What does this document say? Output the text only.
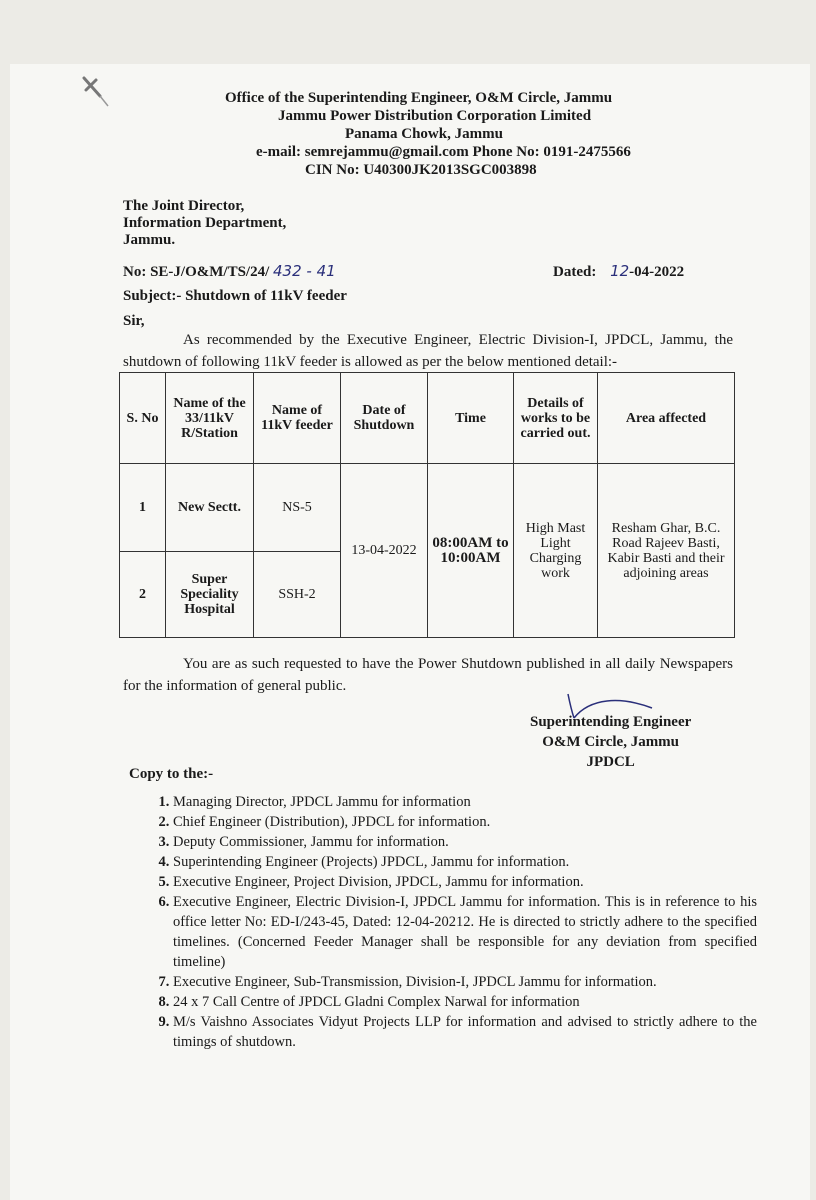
Office of the Superintending Engineer, O&M Circle, Jammu
Jammu Power Distribution Corporation Limited
Panama Chowk, Jammu
e-mail: semrejammu@gmail.com Phone No: 0191-2475566
CIN No: U40300JK2013SGC003898
The Joint Director,
Information Department,
Jammu.
No: SE-J/O&M/TS/24/ 432 - 41	Dated: 12-04-2022
Subject:- Shutdown of 11kV feeder
Sir,
As recommended by the Executive Engineer, Electric Division-I, JPDCL, Jammu, the shutdown of following 11kV feeder is allowed as per the below mentioned detail:-
S. No	Name of the 33/11kV R/Station	Name of 11kV feeder	Date of Shutdown	Time	Details of works to be carried out.	Area affected
1	New Sectt.	NS-5	13-04-2022	08:00AM to 10:00AM	High Mast Light Charging work	Resham Ghar, B.C. Road Rajeev Basti, Kabir Basti and their adjoining areas
2	Super Speciality Hospital	SSH-2				
You are as such requested to have the Power Shutdown published in all daily Newspapers for the information of general public.
Superintending Engineer
O&M Circle, Jammu
JPDCL
Copy to the:-
1. Managing Director, JPDCL Jammu for information
2. Chief Engineer (Distribution), JPDCL for information.
3. Deputy Commissioner, Jammu for information.
4. Superintending Engineer (Projects) JPDCL, Jammu for information.
5. Executive Engineer, Project Division, JPDCL, Jammu for information.
6. Executive Engineer, Electric Division-I, JPDCL Jammu for information. This is in reference to his office letter No: ED-I/243-45, Dated: 12-04-20212. He is directed to strictly adhere to the specified timelines. (Concerned Feeder Manager shall be responsible for any deviation from specified timeline)
7. Executive Engineer, Sub-Transmission, Division-I, JPDCL Jammu for information.
8. 24 x 7 Call Centre of JPDCL Gladni Complex Narwal for information
9. M/s Vaishno Associates Vidyut Projects LLP for information and advised to strictly adhere to the timings of shutdown.
